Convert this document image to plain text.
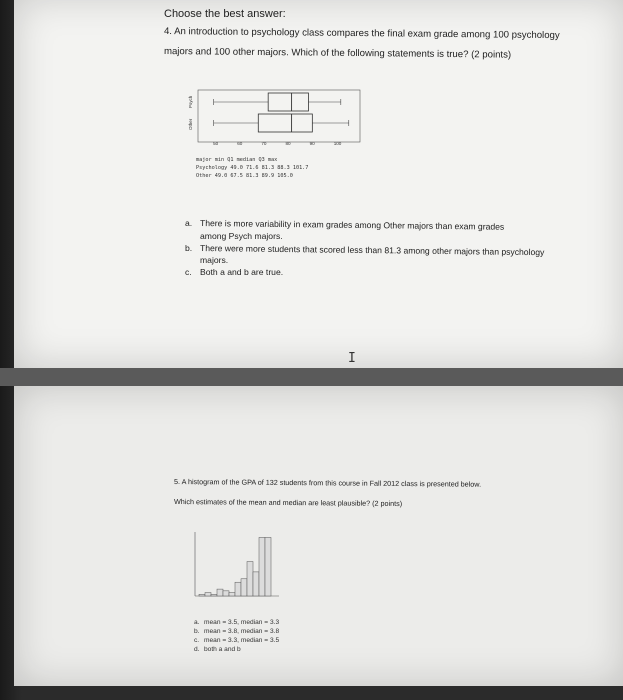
Choose the best answer:
4. An introduction to psychology class compares the final exam grade among 100 psychology
majors and 100 other majors. Which of the following statements is true? (2 points)
Psych
Other
50	60	70	80	90	100
major min Q1 median Q3 max
Psychology 49.0 71.6 81.3 88.3 101.7
Other 49.0 67.5 81.3 89.9 105.0
a. There is more variability in exam grades among Other majors than exam grades
among Psych majors.
b. There were more students that scored less than 81.3 among other majors than psychology
majors.
c. Both a and b are true.
I
5. A histogram of the GPA of 132 students from this course in Fall 2012 class is presented below.
Which estimates of the mean and median are least plausible? (2 points)
a. mean = 3.5, median = 3.3
b. mean = 3.8, median = 3.8
c. mean = 3.3, median = 3.5
d. both a and b
